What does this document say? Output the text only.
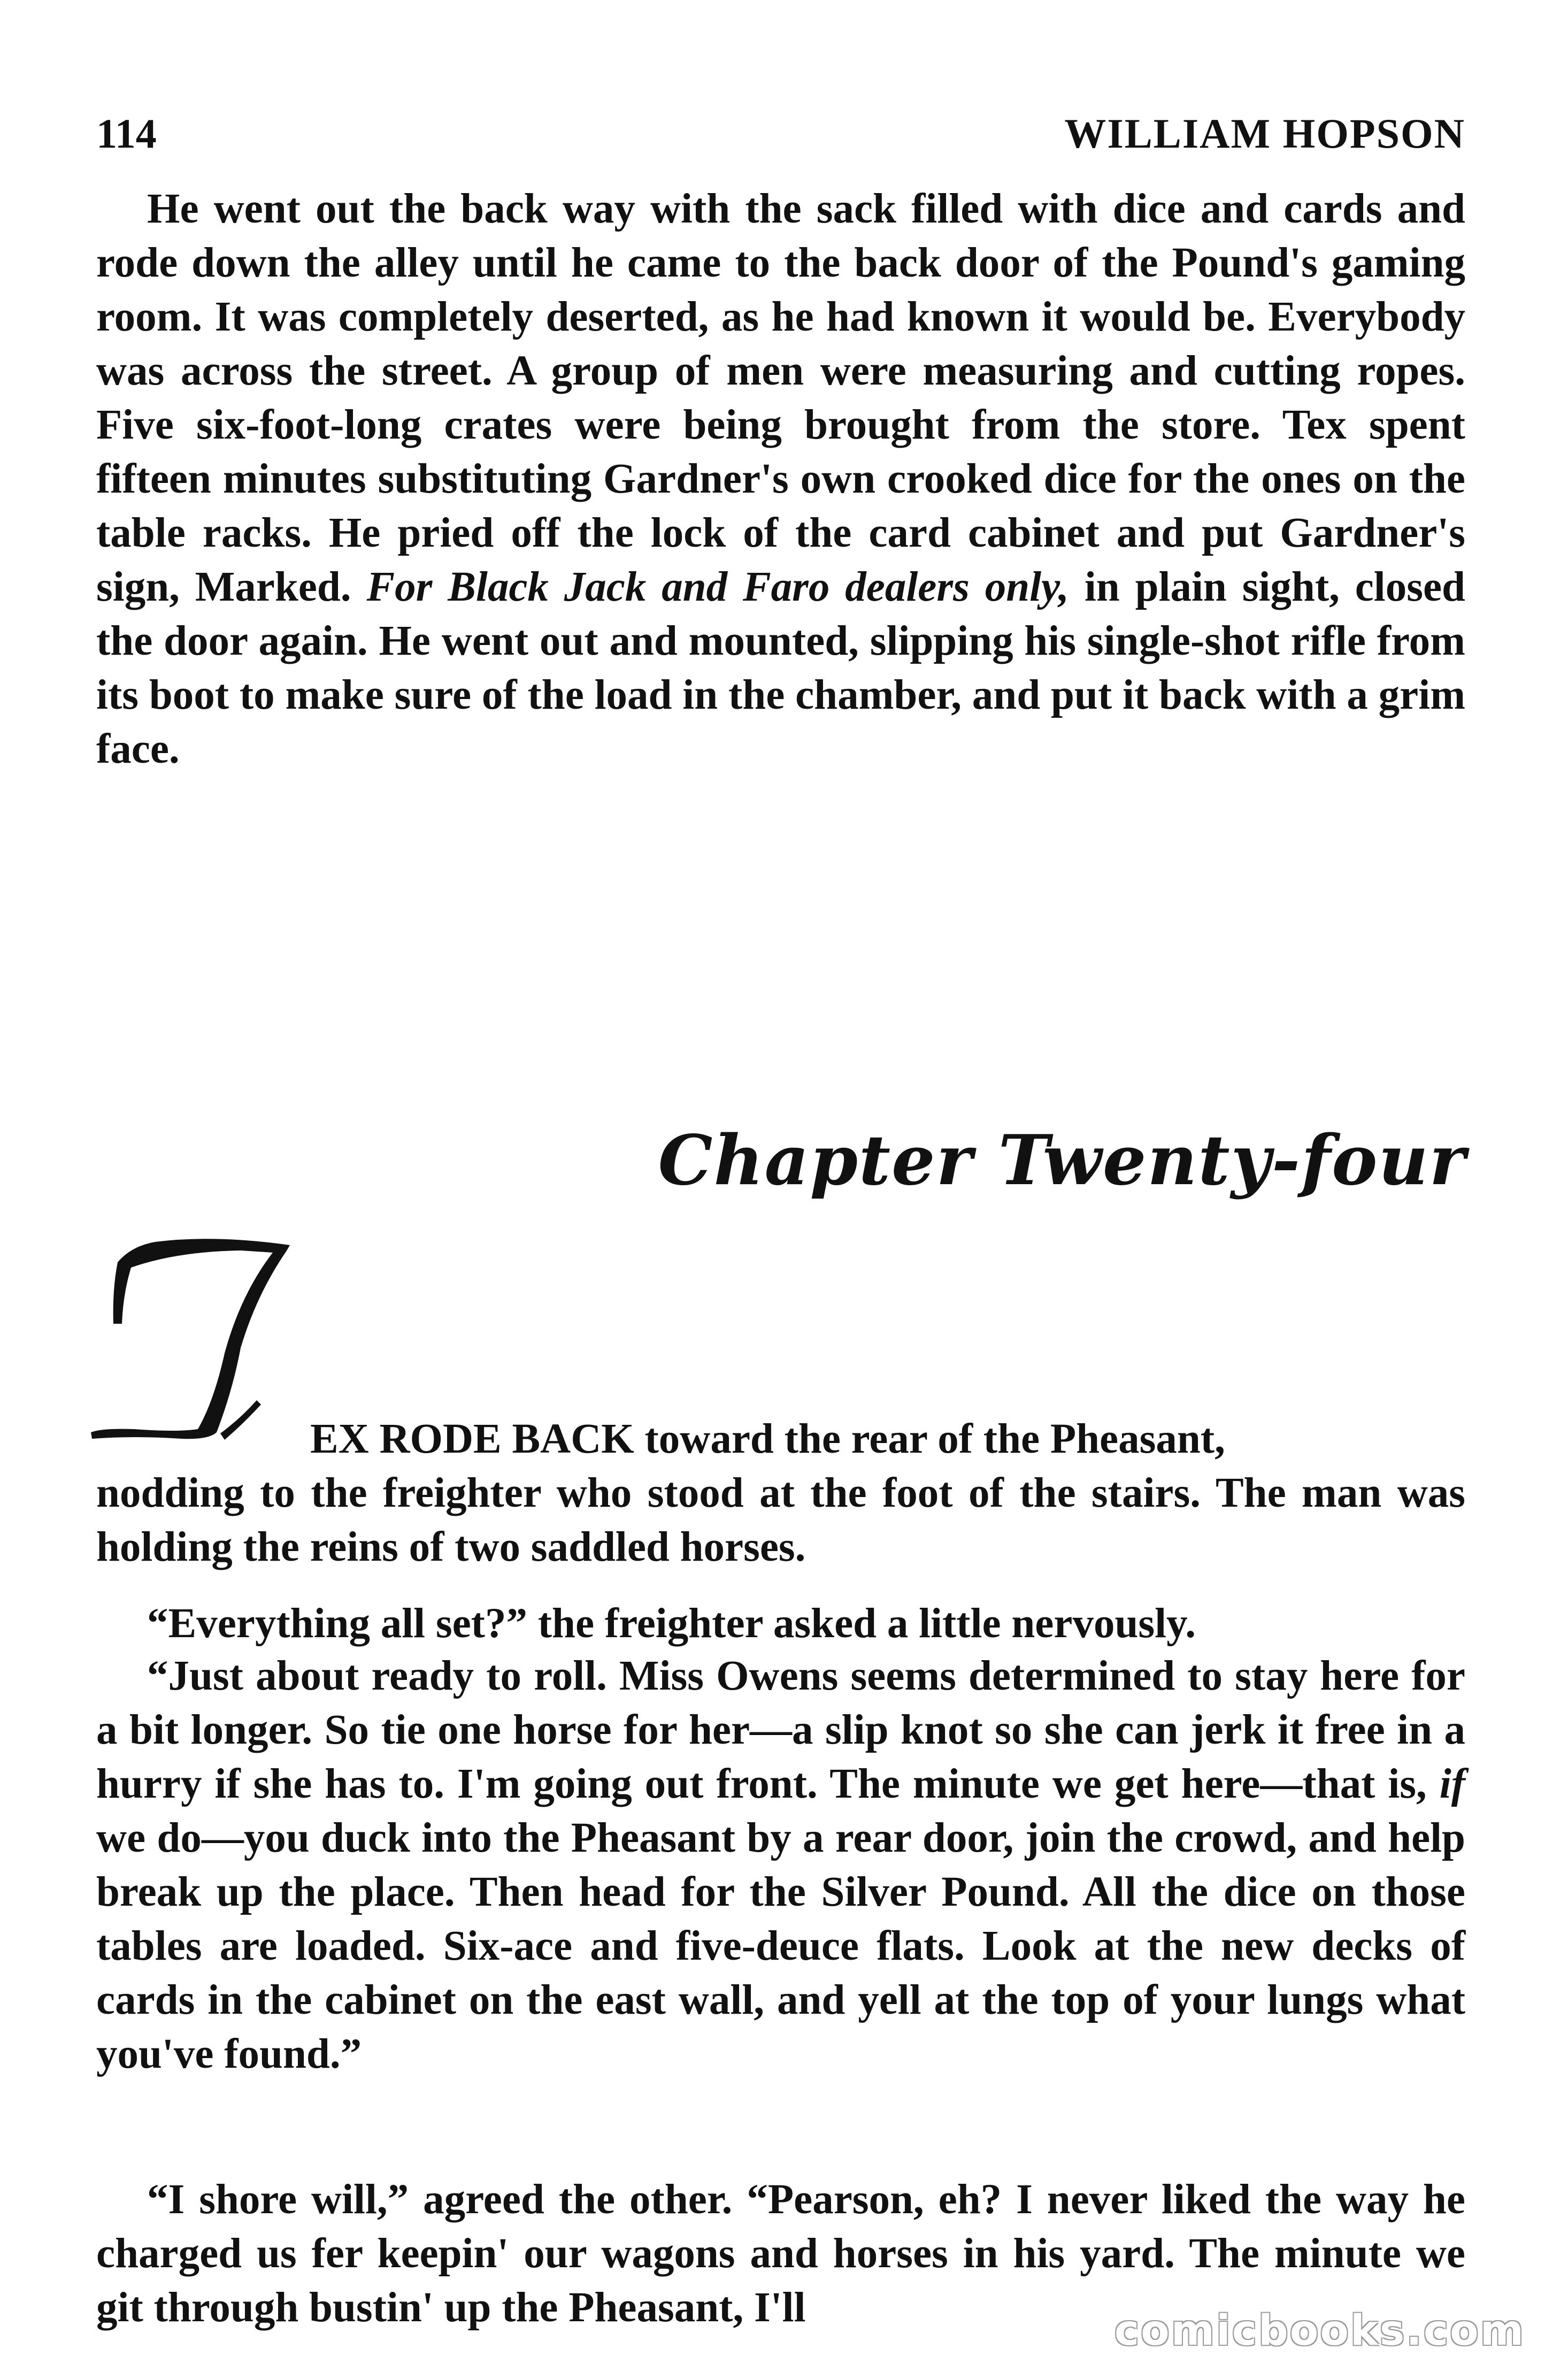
114	WILLIAM HOPSON
He went out the back way with the sack filled with dice and cards and rode down the alley until he came to the back door of the Pound's gaming room. It was completely deserted, as he had known it would be. Everybody was across the street. A group of men were measuring and cutting ropes. Five six-foot-long crates were being brought from the store. Tex spent fifteen minutes substituting Gardner's own crooked dice for the ones on the table racks. He pried off the lock of the card cabinet and put Gardner's sign, Marked. For Black Jack and Faro dealers only, in plain sight, closed the door again. He went out and mounted, slipping his single-shot rifle from its boot to make sure of the load in the chamber, and put it back with a grim face.
Chapter Twenty-four
EX RODE BACK toward the rear of the Pheasant,
nodding to the freighter who stood at the foot of the stairs. The man was holding the reins of two saddled horses.
“Everything all set?” the freighter asked a little nervously.
“Just about ready to roll. Miss Owens seems determined to stay here for a bit longer. So tie one horse for her—a slip knot so she can jerk it free in a hurry if she has to. I'm going out front. The minute we get here—that is, if we do—you duck into the Pheasant by a rear door, join the crowd, and help break up the place. Then head for the Silver Pound. All the dice on those tables are loaded. Six-ace and five-deuce flats. Look at the new decks of cards in the cabinet on the east wall, and yell at the top of your lungs what you've found.”
“I shore will,” agreed the other. “Pearson, eh? I never liked the way he charged us fer keepin' our wagons and horses in his yard. The minute we git through bustin' up the Pheasant, I'll	comicbooks.com
